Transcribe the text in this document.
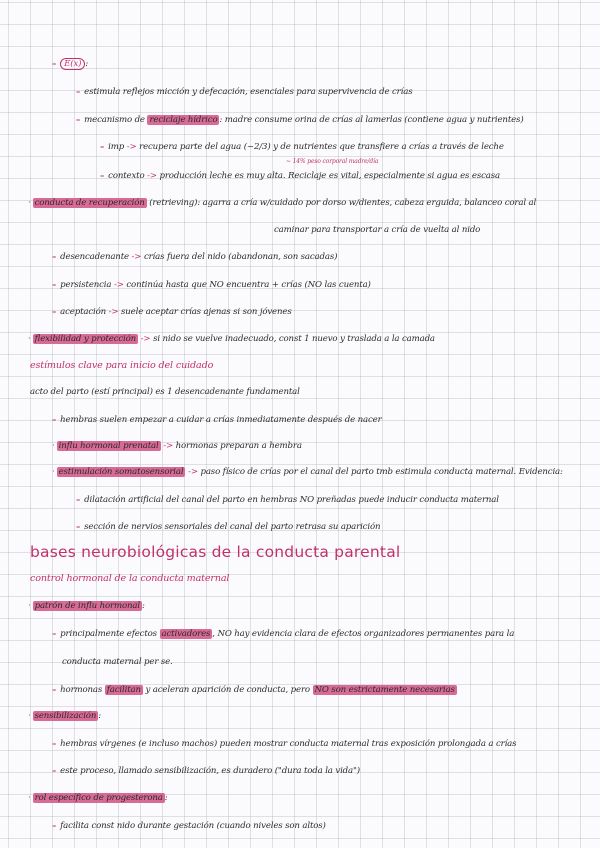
– E(x) :
– estimula reflejos micción y defecación, esenciales para supervivencia de crías
– mecanismo de reciclaje hídrico : madre consume orina de crías al lamerlas (contiene agua y nutrientes)
– imp -> recupera parte del agua (~2/3) y de nutrientes que transfiere a crías a través de leche
~ 14% peso corporal madre/día
– contexto -> producción leche es muy alta. Reciclaje es vital, especialmente si agua es escasa
· conducta de recuperación (retrieving): agarra a cría w/cuidado por dorso w/dientes, cabeza erguida, balanceo coral al
caminar para transportar a cría de vuelta al nido
– desencadenante -> crías fuera del nido (abandonan, son sacadas)
– persistencia -> continúa hasta que NO encuentra + crías (NO las cuenta)
– aceptación -> suele aceptar crías ajenas si son jóvenes
· flexibilidad y protección -> si nido se vuelve inadecuado, const 1 nuevo y traslada a la camada
estímulos clave para inicio del cuidado
acto del parto (estí principal) es 1 desencadenante fundamental
– hembras suelen empezar a cuidar a crías inmediatamente después de nacer
· influ hormonal prenatal -> hormonas preparan a hembra
· estimulación somatosensorial -> paso físico de crías por el canal del parto tmb estimula conducta maternal. Evidencia:
– dilatación artificial del canal del parto en hembras NO preñadas puede inducir conducta maternal
– sección de nervios sensoriales del canal del parto retrasa su aparición
bases neurobiológicas de la conducta parental
control hormonal de la conducta maternal
· patrón de influ hormonal :
– principalmente efectos activadores , NO hay evidencia clara de efectos organizadores permanentes para la
conducta maternal per se.
– hormonas facilitan y aceleran aparición de conducta, pero NO son estrictamente necesarias
· sensibilización :
– hembras vírgenes (e incluso machos) pueden mostrar conducta maternal tras exposición prolongada a crías
– este proceso, llamado sensibilización, es duradero ("dura toda la vida")
· rol específico de progesterona :
– facilita const nido durante gestación (cuando niveles son altos)
